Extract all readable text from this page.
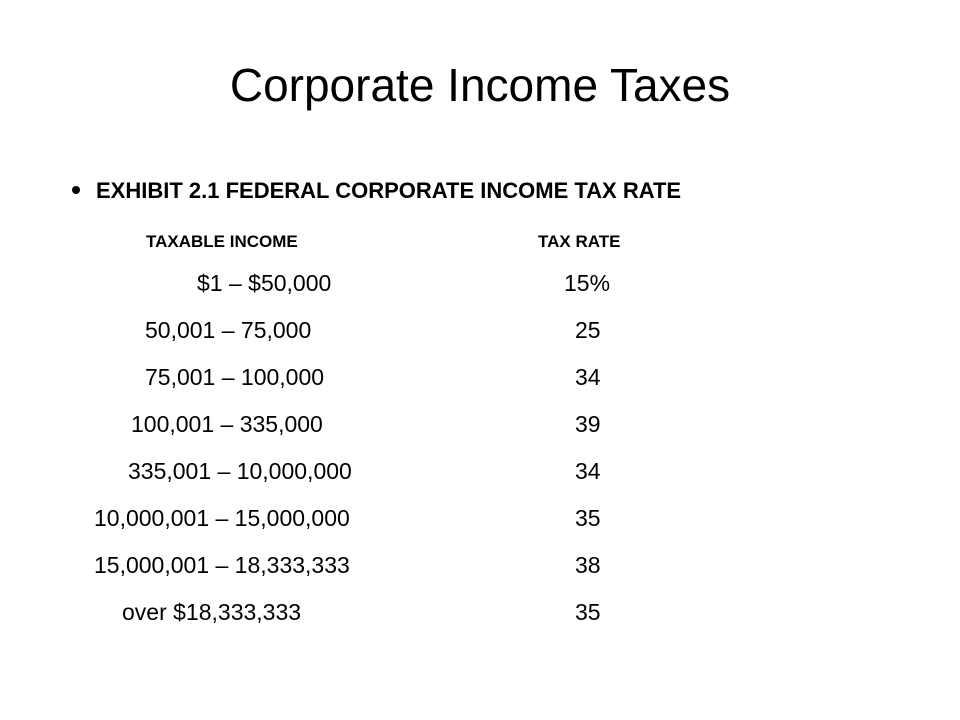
Corporate Income Taxes
EXHIBIT 2.1 FEDERAL CORPORATE INCOME TAX RATE
TAXABLE INCOME	TAX RATE
$1 – $50,000	15%
50,001 – 75,000	25
75,001 – 100,000	34
100,001 – 335,000	39
335,001 – 10,000,000	34
10,000,001 – 15,000,000	35
15,000,001 – 18,333,333	38
over $18,333,333	35
